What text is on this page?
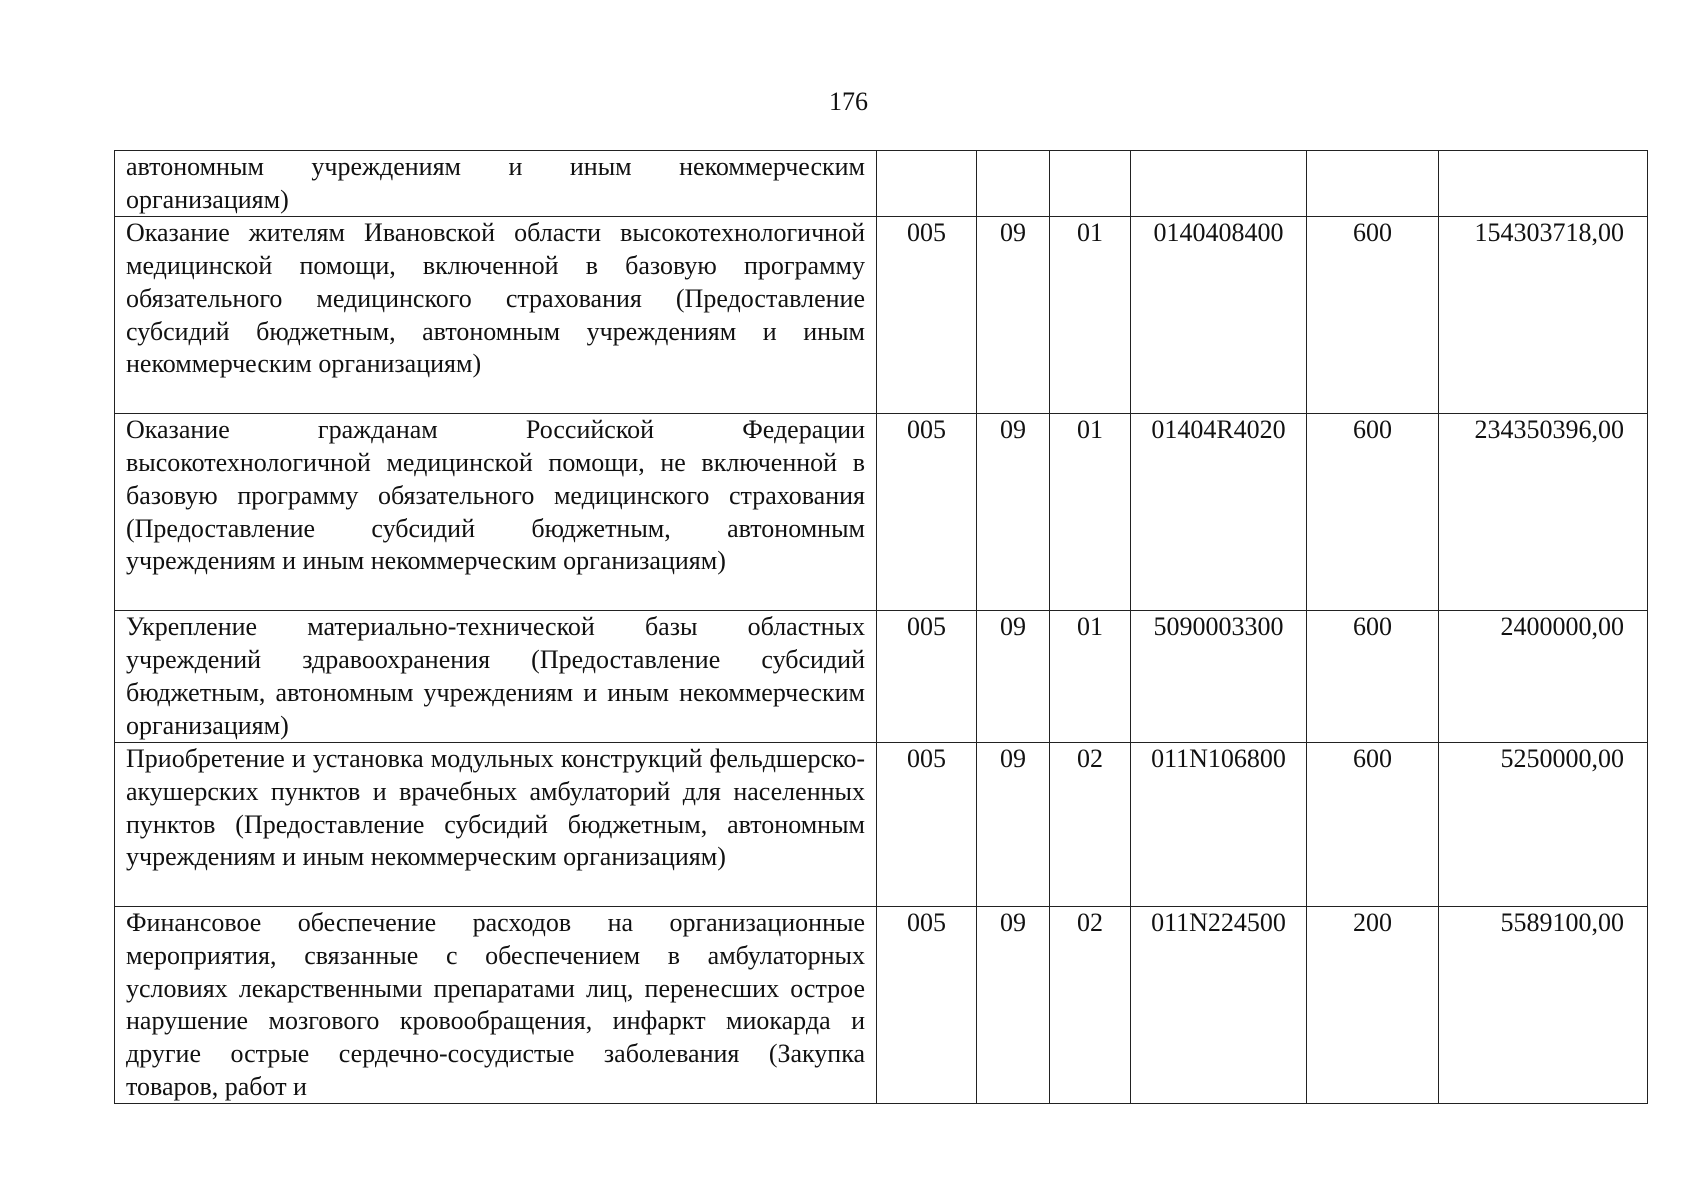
176
автономным учреждениям и иным некоммерческим организациям)						
Оказание жителям Ивановской области высокотехнологичной медицинской помощи, включенной в базовую программу обязательного медицинского страхования (Предоставление субсидий бюджетным, автономным учреждениям и иным некоммерческим организациям)	005	09	01	0140408400	600	154303718,00
Оказание гражданам Российской Федерации высокотехнологичной медицинской помощи, не включенной в базовую программу обязательного медицинского страхования (Предоставление субсидий бюджетным, автономным учреждениям и иным некоммерческим организациям)	005	09	01	01404R4020	600	234350396,00
Укрепление материально-технической базы областных учреждений здравоохранения (Предоставление субсидий бюджетным, автономным учреждениям и иным некоммерческим организациям)	005	09	01	5090003300	600	2400000,00
Приобретение и установка модульных конструкций фельдшерско-акушерских пунктов и врачебных амбулаторий для населенных пунктов (Предоставление субсидий бюджетным, автономным учреждениям и иным некоммерческим организациям)	005	09	02	011N106800	600	5250000,00
Финансовое обеспечение расходов на организационные мероприятия, связанные с обеспечением в амбулаторных условиях лекарственными препаратами лиц, перенесших острое нарушение мозгового кровообращения, инфаркт миокарда и другие острые сердечно-сосудистые заболевания (Закупка товаров, работ и	005	09	02	011N224500	200	5589100,00
